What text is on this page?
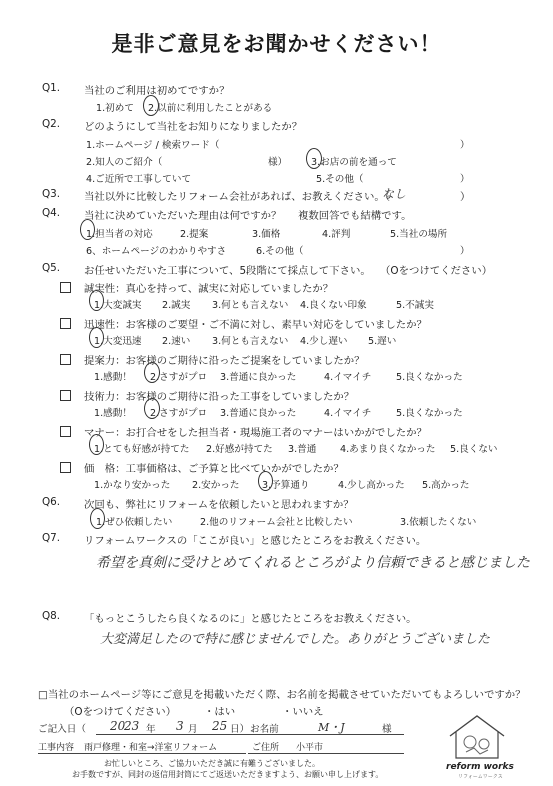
是非ご意見をお聞かせください！
Q1. 当社のご利用は初めてですか？
1.初めて 2.以前に利用したことがある
Q2. どのようにして当社をお知りになりましたか？
1.ホームページ / 検索ワード（	）
2.知人のご紹介（	様） 3.お店の前を通って
4.ご近所で工事していて	5.その他（	）
Q3. 当社以外に比較したリフォーム会社があれば、お教えください。（
なし	）
Q4. 当社に決めていただいた理由は何ですか？ 複数回答でも結構です。
1.担当者の対応	2.提案	3.価格	4.評判	5.当社の場所
6、ホームページのわかりやすさ	6.その他（	）
Q5. お任せいただいた工事について、5段階にて採点して下さい。 （Oをつけてください）
誠実性：真心を持って、誠実に対応していましたか？
1.大変誠実 2.誠実 3.何とも言えない 4.良くない印象	5.不誠実
迅速性：お客様のご要望・ご不満に対し、素早い対応をしていましたか？
1.大変迅速 2.速い 3.何とも言えない 4.少し遅い 5.遅い
提案力：お客様のご期待に沿ったご提案をしていましたか？
1.感動！ 2.さすがプロ 3.普通に良かった	4.イマイチ	5.良くなかった
技術力：お客様のご期待に沿った工事をしていましたか？
1.感動！ 2.さすがプロ 3.普通に良かった	4.イマイチ	5.良くなかった
マナー：お打合せをした担当者・現場施工者のマナーはいかがでしたか？
1.とても好感が持てた 2.好感が持てた 3.普通 4.あまり良くなかった 5.良くない
価　格：工事価格は、ご予算と比べていかがでしたか？
1.かなり安かった 2.安かった 3.予算通り	4.少し高かった 5.高かった
Q6. 次回も、弊社にリフォームを依頼したいと思われますか？
1.ぜひ依頼したい	2.他のリフォーム会社と比較したい	3.依頼したくない
Q7. リフォームワークスの「ここが良い」と感じたところをお教えください。
希望を真剣に受けとめてくれるところがより信頼できると感じました
Q8. 「もっとこうしたら良くなるのに」と感じたところをお教えください。
大変満足したので特に感じませんでした。ありがとうございました
□当社のホームページ等にご意見を掲載いただく際、お名前を掲載させていただいてもよろしいですか？
（Oをつけてください）	・はい	・いいえ
ご記入日（ 20
23 年 3 月 25 日） お名前	M・J	様
工事内容 雨戸修理・和室→洋室リフォーム	ご住所 小平市
お忙しいところ、ご協力いただき誠に有難うございました。
お手数ですが、同封の返信用封筒にてご返送いただきますよう、お願い申し上げます。
reform works
リフォームワークス
